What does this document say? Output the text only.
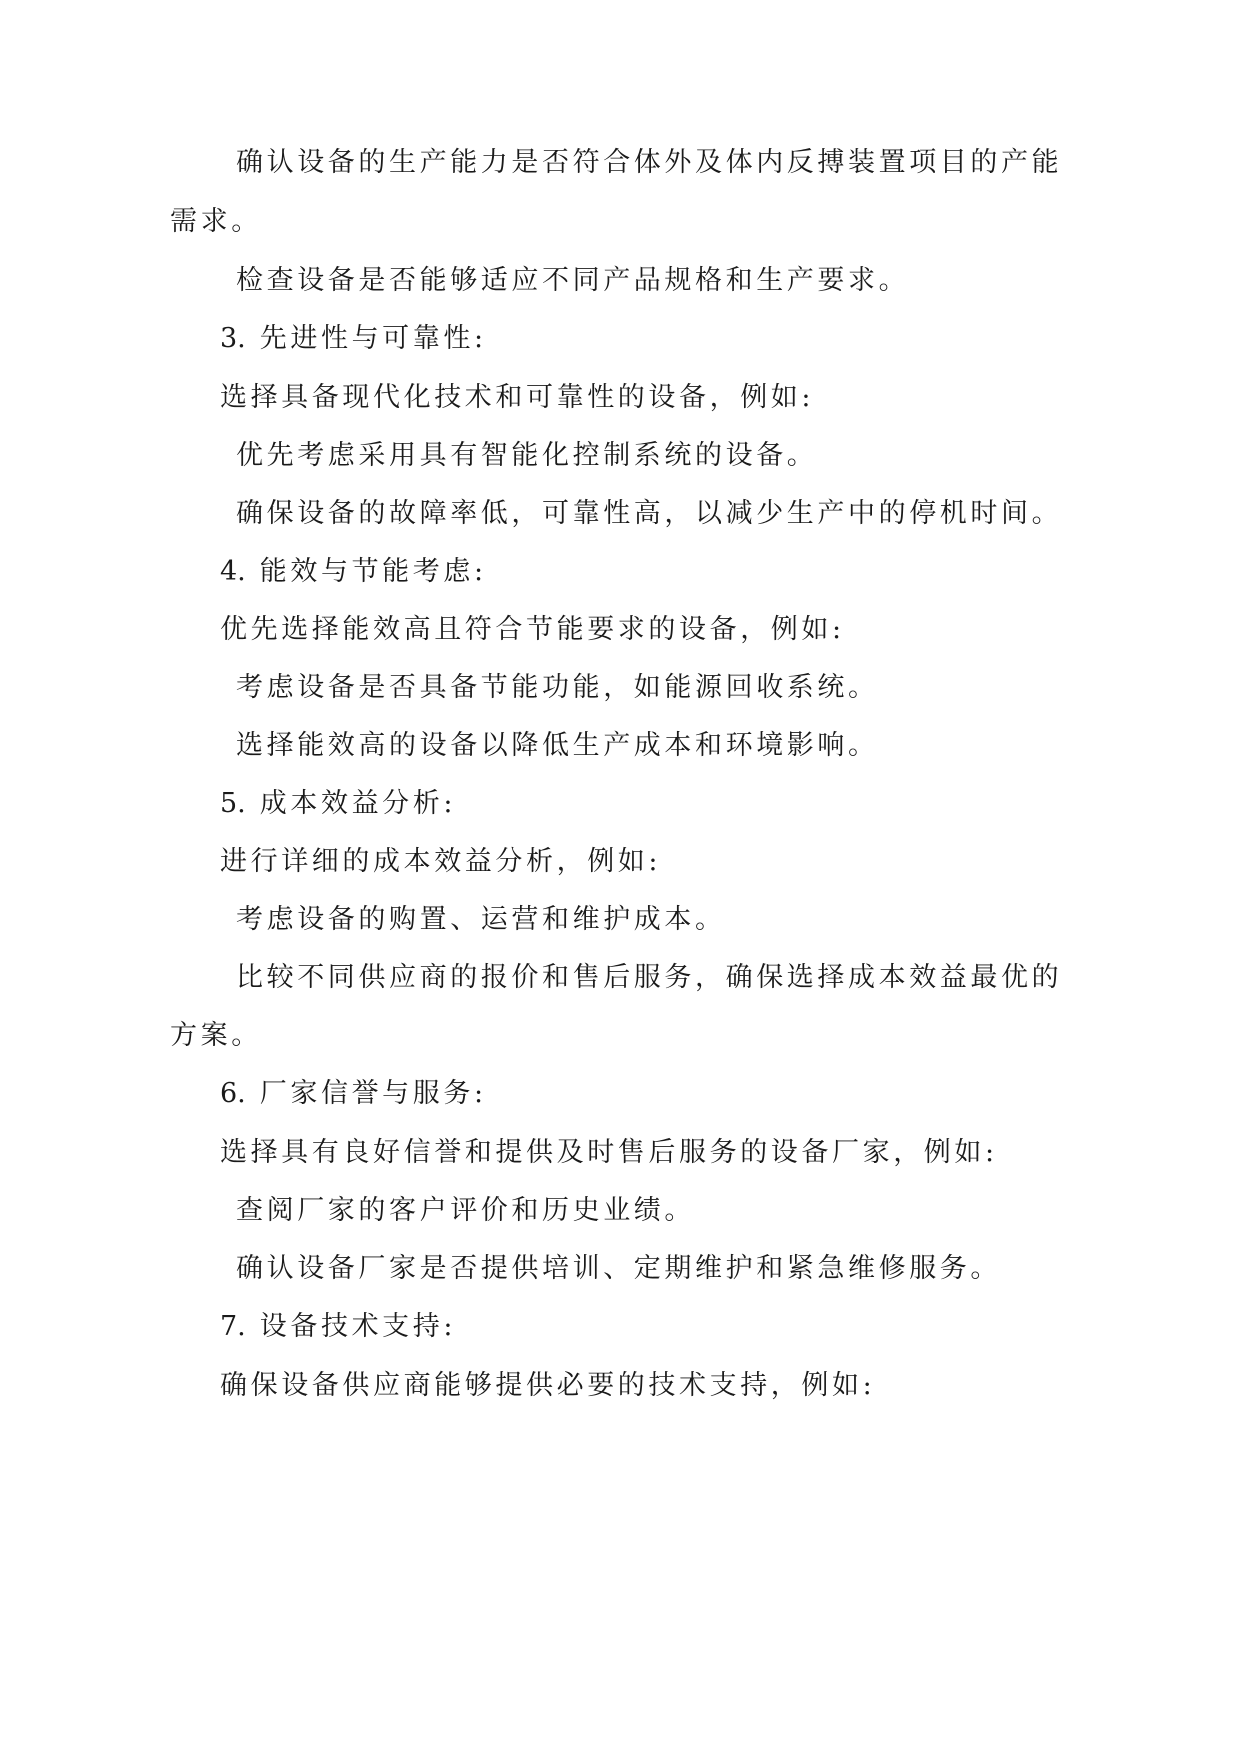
确认设备的生产能力是否符合体外及体内反搏装置项目的产能
需求。
检查设备是否能够适应不同产品规格和生产要求。
3. 先进性与可靠性:
选择具备现代化技术和可靠性的设备，例如:
优先考虑采用具有智能化控制系统的设备。
确保设备的故障率低，可靠性高，以减少生产中的停机时间。
4. 能效与节能考虑:
优先选择能效高且符合节能要求的设备，例如:
考虑设备是否具备节能功能，如能源回收系统。
选择能效高的设备以降低生产成本和环境影响。
5. 成本效益分析:
进行详细的成本效益分析，例如:
考虑设备的购置、运营和维护成本。
比较不同供应商的报价和售后服务，确保选择成本效益最优的
方案。
6. 厂家信誉与服务:
选择具有良好信誉和提供及时售后服务的设备厂家，例如:
查阅厂家的客户评价和历史业绩。
确认设备厂家是否提供培训、定期维护和紧急维修服务。
7. 设备技术支持:
确保设备供应商能够提供必要的技术支持，例如:
